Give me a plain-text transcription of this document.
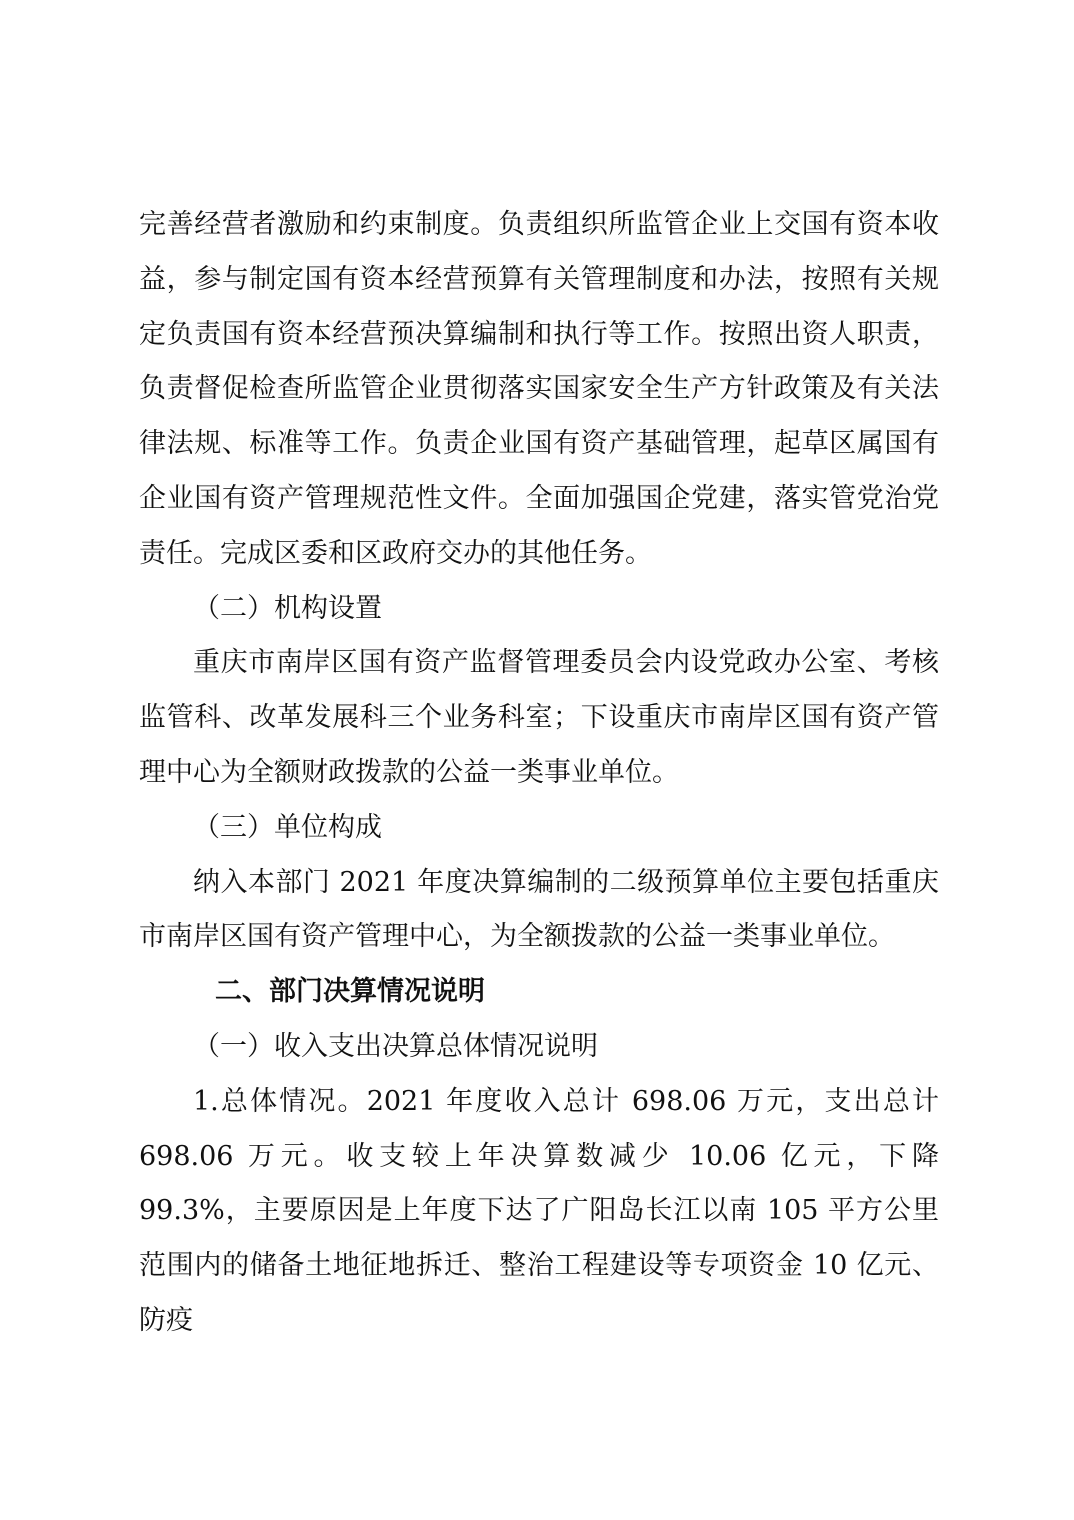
完善经营者激励和约束制度。负责组织所监管企业上交国有资本收益，参与制定国有资本经营预算有关管理制度和办法，按照有关规定负责国有资本经营预决算编制和执行等工作。按照出资人职责，负责督促检查所监管企业贯彻落实国家安全生产方针政策及有关法律法规、标准等工作。负责企业国有资产基础管理，起草区属国有企业国有资产管理规范性文件。全面加强国企党建，落实管党治党责任。完成区委和区政府交办的其他任务。

（二）机构设置

重庆市南岸区国有资产监督管理委员会内设党政办公室、考核监管科、改革发展科三个业务科室；下设重庆市南岸区国有资产管理中心为全额财政拨款的公益一类事业单位。

（三）单位构成

纳入本部门 2021 年度决算编制的二级预算单位主要包括重庆市南岸区国有资产管理中心，为全额拨款的公益一类事业单位。

二、部门决算情况说明

（一）收入支出决算总体情况说明

1.总体情况。2021 年度收入总计 698.06 万元，支出总计 698.06 万元。收支较上年决算数减少 10.06 亿元，下降 99.3%，主要原因是上年度下达了广阳岛长江以南 105 平方公里范围内的储备土地征地拆迁、整治工程建设等专项资金 10 亿元、防疫
